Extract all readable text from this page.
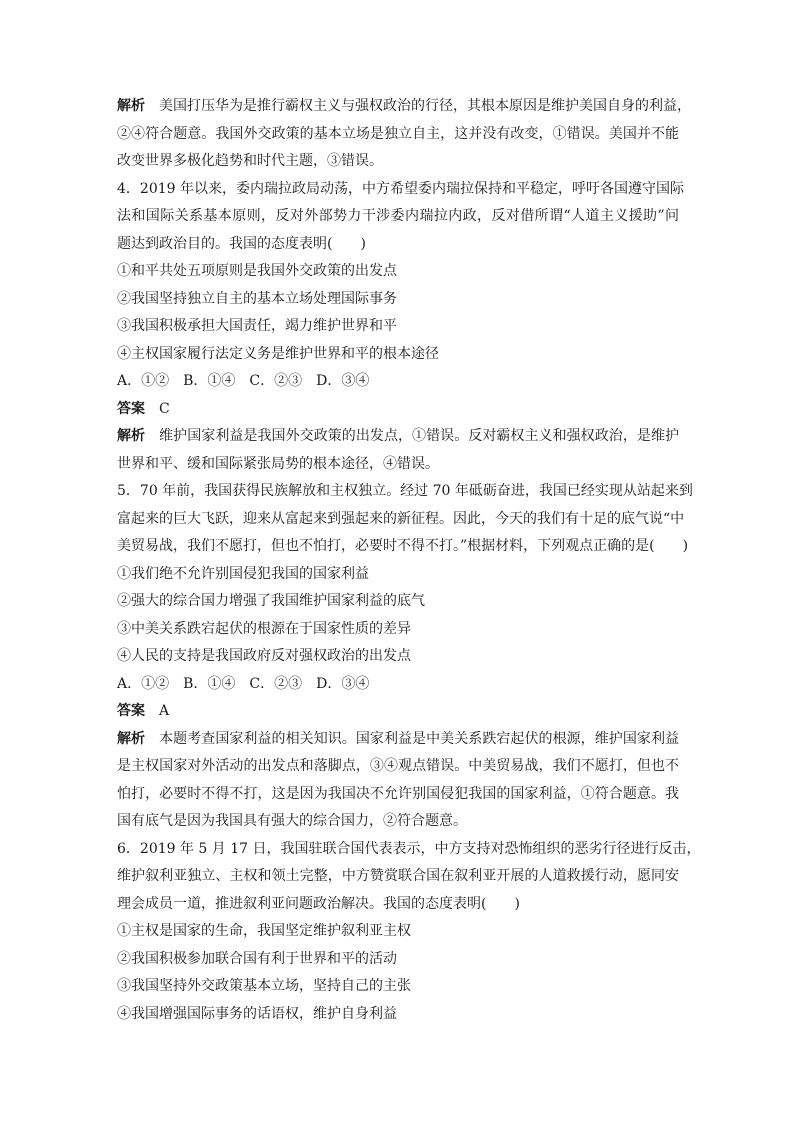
解析 美国打压华为是推行霸权主义与强权政治的行径，其根本原因是维护美国自身的利益，
②④符合题意。我国外交政策的基本立场是独立自主，这并没有改变，①错误。美国并不能
改变世界多极化趋势和时代主题，③错误。
4．2019 年以来，委内瑞拉政局动荡，中方希望委内瑞拉保持和平稳定，呼吁各国遵守国际
法和国际关系基本原则，反对外部势力干涉委内瑞拉内政，反对借所谓“人道主义援助”问
题达到政治目的。我国的态度表明(　　)
①和平共处五项原则是我国外交政策的出发点
②我国坚持独立自主的基本立场处理国际事务
③我国积极承担大国责任，竭力维护世界和平
④主权国家履行法定义务是维护世界和平的根本途径
A．①②　B．①④　C．②③　D．③④
答案 C
解析 维护国家利益是我国外交政策的出发点，①错误。反对霸权主义和强权政治，是维护
世界和平、缓和国际紧张局势的根本途径，④错误。
5．70 年前，我国获得民族解放和主权独立。经过 70 年砥砺奋进，我国已经实现从站起来到
富起来的巨大飞跃，迎来从富起来到强起来的新征程。因此，今天的我们有十足的底气说“中
美贸易战，我们不愿打，但也不怕打，必要时不得不打。”根据材料，下列观点正确的是(　　)
①我们绝不允许别国侵犯我国的国家利益
②强大的综合国力增强了我国维护国家利益的底气
③中美关系跌宕起伏的根源在于国家性质的差异
④人民的支持是我国政府反对强权政治的出发点
A．①②　B．①④　C．②③　D．③④
答案 A
解析 本题考查国家利益的相关知识。国家利益是中美关系跌宕起伏的根源，维护国家利益
是主权国家对外活动的出发点和落脚点，③④观点错误。中美贸易战，我们不愿打，但也不
怕打，必要时不得不打，这是因为我国决不允许别国侵犯我国的国家利益，①符合题意。我
国有底气是因为我国具有强大的综合国力，②符合题意。
6．2019 年 5 月 17 日，我国驻联合国代表表示，中方支持对恐怖组织的恶劣行径进行反击，
维护叙利亚独立、主权和领土完整，中方赞赏联合国在叙利亚开展的人道救援行动，愿同安
理会成员一道，推进叙利亚问题政治解决。我国的态度表明(　　)
①主权是国家的生命，我国坚定维护叙利亚主权
②我国积极参加联合国有利于世界和平的活动
③我国坚持外交政策基本立场，坚持自己的主张
④我国增强国际事务的话语权，维护自身利益
